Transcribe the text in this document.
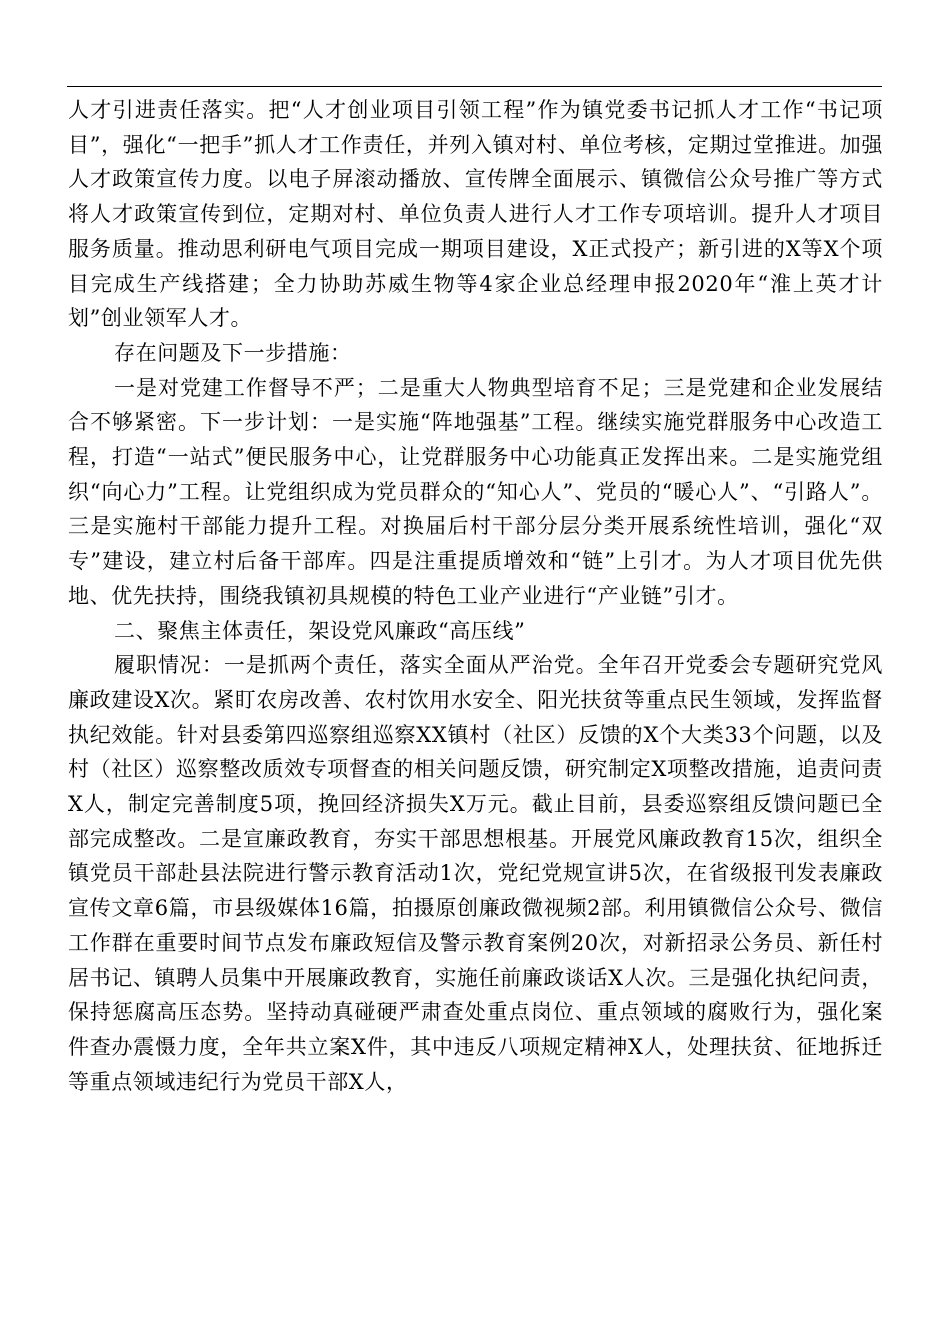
人才引进责任落实。把“人才创业项目引领工程”作为镇党委书记抓人才工作“书记项目”，强化“一把手”抓人才工作责任，并列入镇对村、单位考核，定期过堂推进。加强人才政策宣传力度。以电子屏滚动播放、宣传牌全面展示、镇微信公众号推广等方式将人才政策宣传到位，定期对村、单位负责人进行人才工作专项培训。提升人才项目服务质量。推动思利研电气项目完成一期项目建设，X正式投产；新引进的X等X个项目完成生产线搭建；全力协助苏威生物等4家企业总经理申报2020年“淮上英才计划”创业领军人才。

存在问题及下一步措施：

一是对党建工作督导不严；二是重大人物典型培育不足；三是党建和企业发展结合不够紧密。下一步计划：一是实施“阵地强基”工程。继续实施党群服务中心改造工程，打造“一站式”便民服务中心，让党群服务中心功能真正发挥出来。二是实施党组织“向心力”工程。让党组织成为党员群众的“知心人”、党员的“暖心人”、“引路人”。三是实施村干部能力提升工程。对换届后村干部分层分类开展系统性培训，强化“双专”建设，建立村后备干部库。四是注重提质增效和“链”上引才。为人才项目优先供地、优先扶持，围绕我镇初具规模的特色工业产业进行“产业链”引才。

二、聚焦主体责任，架设党风廉政“高压线”

履职情况：一是抓两个责任，落实全面从严治党。全年召开党委会专题研究党风廉政建设X次。紧盯农房改善、农村饮用水安全、阳光扶贫等重点民生领域，发挥监督执纪效能。针对县委第四巡察组巡察XX镇村（社区）反馈的X个大类33个问题，以及村（社区）巡察整改质效专项督查的相关问题反馈，研究制定X项整改措施，追责问责X人，制定完善制度5项，挽回经济损失X万元。截止目前，县委巡察组反馈问题已全部完成整改。二是宣廉政教育，夯实干部思想根基。开展党风廉政教育15次，组织全镇党员干部赴县法院进行警示教育活动1次，党纪党规宣讲5次，在省级报刊发表廉政宣传文章6篇，市县级媒体16篇，拍摄原创廉政微视频2部。利用镇微信公众号、微信工作群在重要时间节点发布廉政短信及警示教育案例20次，对新招录公务员、新任村居书记、镇聘人员集中开展廉政教育，实施任前廉政谈话X人次。三是强化执纪问责，保持惩腐高压态势。坚持动真碰硬严肃查处重点岗位、重点领域的腐败行为，强化案件查办震慑力度，全年共立案X件，其中违反八项规定精神X人，处理扶贫、征地拆迁等重点领域违纪行为党员干部X人，
